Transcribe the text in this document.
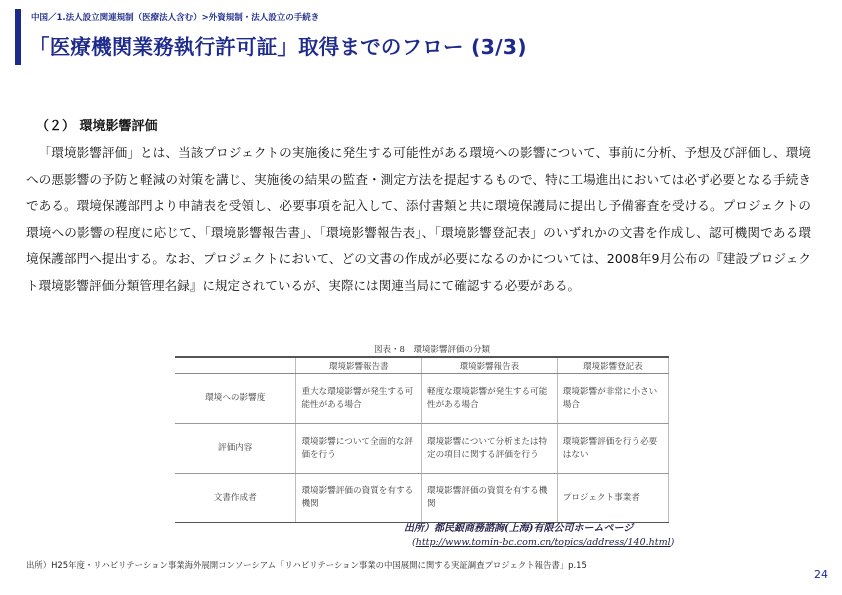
中国／1.法人設立関連規制（医療法人含む）>外資規制・法人設立の手続き
「医療機関業務執行許可証」取得までのフロー (3/3)
（２） 環境影響評価

「環境影響評価」とは、当該プロジェクトの実施後に発生する可能性がある環境への影響について、事前に分析、予想及び評価し、環境への悪影響の予防と軽減の対策を講じ、実施後の結果の監査・測定方法を提起するもので、特に工場進出においては必ず必要となる手続きである。環境保護部門より申請表を受領し、必要事項を記入して、添付書類と共に環境保護局に提出し予備審査を受ける。プロジェクトの環境への影響の程度に応じて、「環境影響報告書」、「環境影響報告表」、「環境影響登記表」のいずれかの文書を作成し、認可機関である環境保護部門へ提出する。なお、プロジェクトにおいて、どの文書の作成が必要になるのかについては、2008年9月公布の『建設プロジェクト環境影響評価分類管理名録』に規定されているが、実際には関連当局にて確認する必要がある。

図表・8　環境影響評価の分類
	環境影響報告書	環境影響報告表	環境影響登記表
環境への影響度	重大な環境影響が発生する可能性がある場合	軽度な環境影響が発生する可能性がある場合	環境影響が非常に小さい場合
評価内容	環境影響について全面的な評価を行う	環境影響について分析または特定の項目に関する評価を行う	環境影響評価を行う必要はない
文書作成者	環境影響評価の資質を有する機関	環境影響評価の資質を有する機関	プロジェクト事業者
出所）都民銀商務諮詢(上海)有限公司ホームページ
(http://www.tomin-bc.com.cn/topics/address/140.html)
出所）H25年度・リハビリテーション事業海外展開コンソーシアム「リハビリテーション事業の中国展開に関する実証調査プロジェクト報告書」p.15
24
